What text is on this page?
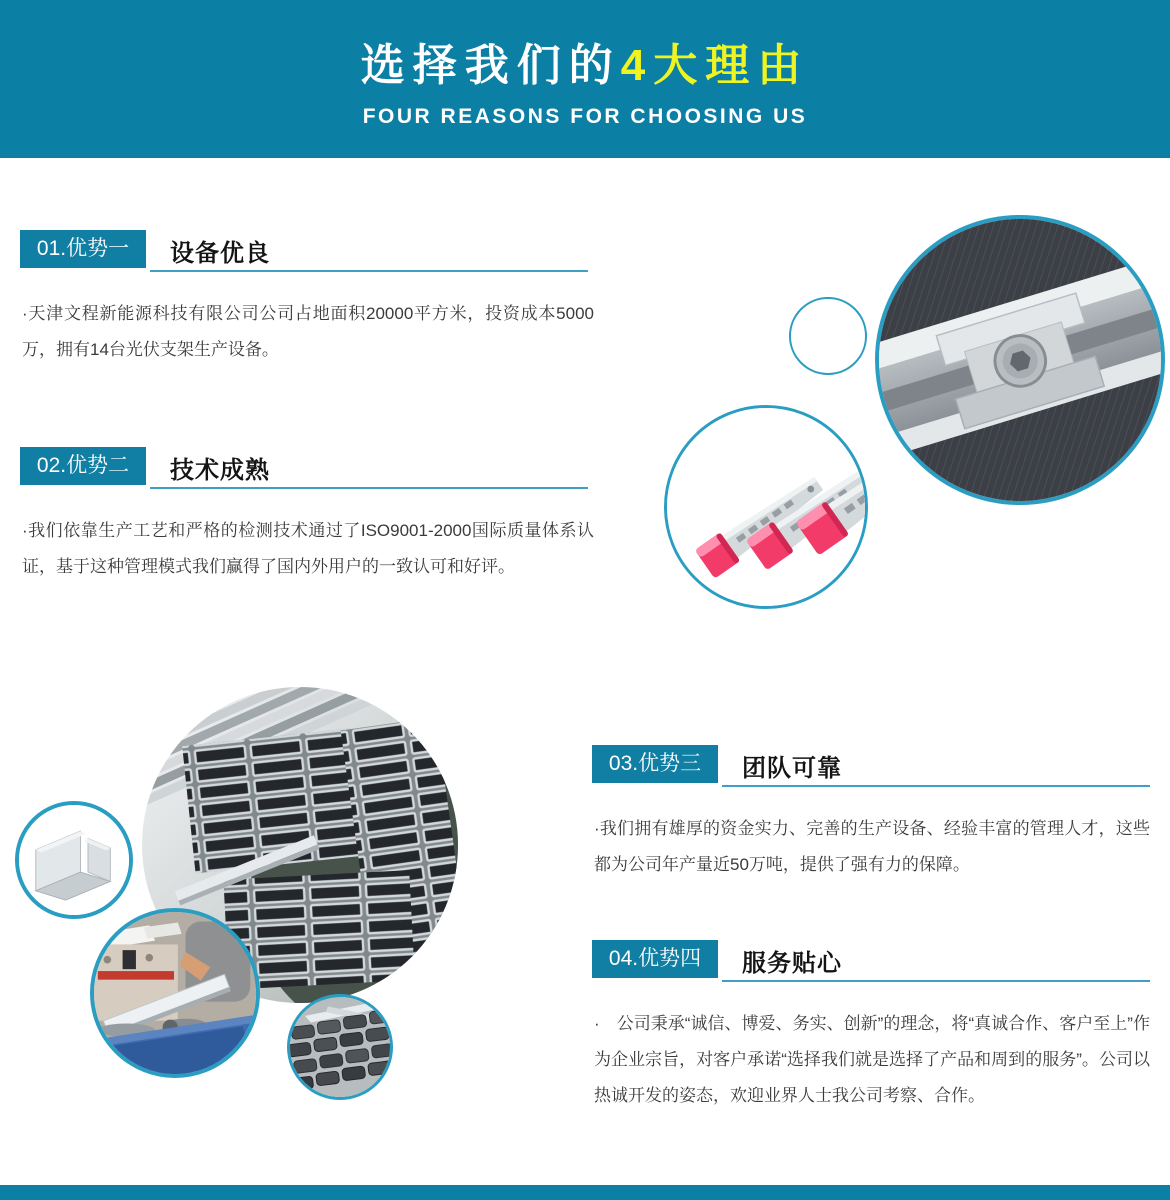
选择我们的4大理由
FOUR REASONS FOR CHOOSING US
01.优势一	设备优良
·天津文程新能源科技有限公司公司占地面积20000平方米，投资成本5000万，拥有14台光伏支架生产设备。
02.优势二	技术成熟
·我们依靠生产工艺和严格的检测技术通过了ISO9001-2000国际质量体系认证，基于这种管理模式我们赢得了国内外用户的一致认可和好评。
03.优势三	团队可靠
·我们拥有雄厚的资金实力、完善的生产设备、经验丰富的管理人才，这些都为公司年产量近50万吨，提供了强有力的保障。
04.优势四	服务贴心
·　公司秉承“诚信、博爱、务实、创新”的理念，将“真诚合作、客户至上”作为企业宗旨，对客户承诺“选择我们就是选择了产品和周到的服务”。公司以热诚开发的姿态，欢迎业界人士我公司考察、合作。
